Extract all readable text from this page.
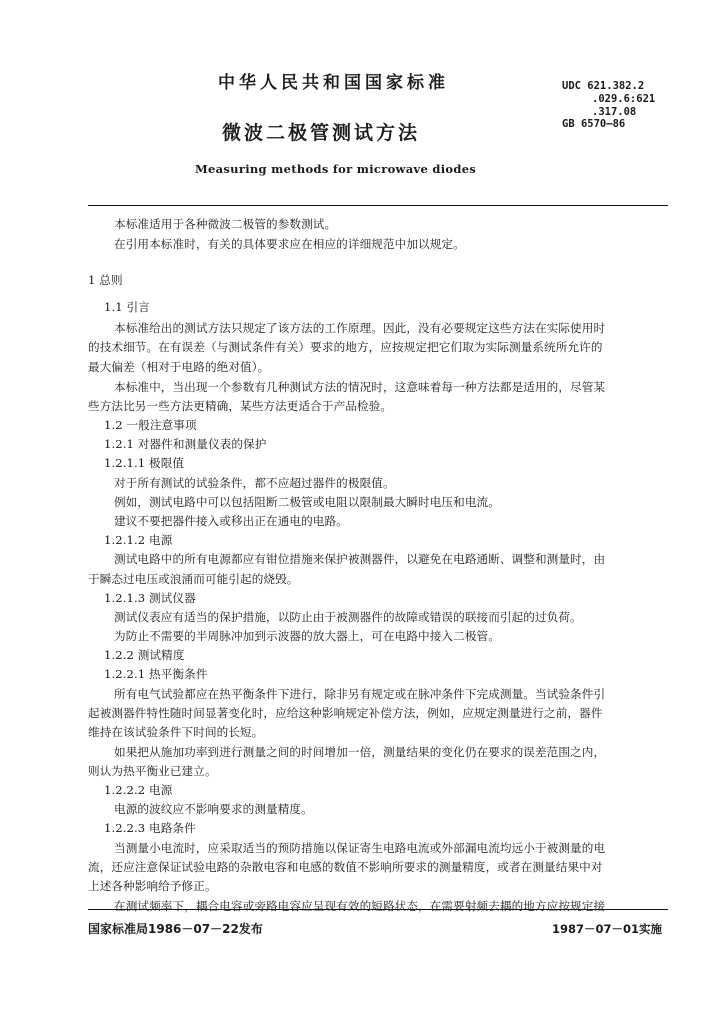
中华人民共和国国家标准
微波二极管测试方法
Measuring methods for microwave diodes
UDC 621.382.2
.029.6:621
.317.08
GB 6570—86
本标准适用于各种微波二极管的参数测试。
在引用本标准时，有关的具体要求应在相应的详细规范中加以规定。
1 总则
1.1 引言
本标准给出的测试方法只规定了该方法的工作原理。因此，没有必要规定这些方法在实际使用时
的技术细节。在有误差（与测试条件有关）要求的地方，应按规定把它们取为实际测量系统所允许的
最大偏差（相对于电路的绝对值）。
本标准中，当出现一个参数有几种测试方法的情况时，这意味着每一种方法都是适用的，尽管某
些方法比另一些方法更精确，某些方法更适合于产品检验。
1.2 一般注意事项
1.2.1 对器件和测量仪表的保护
1.2.1.1 极限值
对于所有测试的试验条件，都不应超过器件的极限值。
例如，测试电路中可以包括阻断二极管或电阻以限制最大瞬时电压和电流。
建议不要把器件接入或移出正在通电的电路。
1.2.1.2 电源
测试电路中的所有电源都应有钳位措施来保护被测器件，以避免在电路通断、调整和测量时，由
于瞬态过电压或浪涌而可能引起的烧毁。
1.2.1.3 测试仪器
测试仪表应有适当的保护措施，以防止由于被测器件的故障或错误的联接而引起的过负荷。
为防止不需要的半周脉冲加到示波器的放大器上，可在电路中接入二极管。
1.2.2 测试精度
1.2.2.1 热平衡条件
所有电气试验都应在热平衡条件下进行，除非另有规定或在脉冲条件下完成测量。当试验条件引
起被测器件特性随时间显著变化时，应给这种影响规定补偿方法，例如，应规定测量进行之前，器件
维持在该试验条件下时间的长短。
如果把从施加功率到进行测量之间的时间增加一倍，测量结果的变化仍在要求的误差范围之内，
则认为热平衡业已建立。
1.2.2.2 电源
电源的波纹应不影响要求的测量精度。
1.2.2.3 电路条件
当测量小电流时，应采取适当的预防措施以保证寄生电路电流或外部漏电流均远小于被测量的电
流，还应注意保证试验电路的杂散电容和电感的数值不影响所要求的测量精度，或者在测量结果中对
上述各种影响给予修正。
在测试频率下，耦合电容或旁路电容应呈现有效的短路状态，在需要射频去耦的地方应按规定接
国家标准局1986－07－22发布	1987－07－01实施
